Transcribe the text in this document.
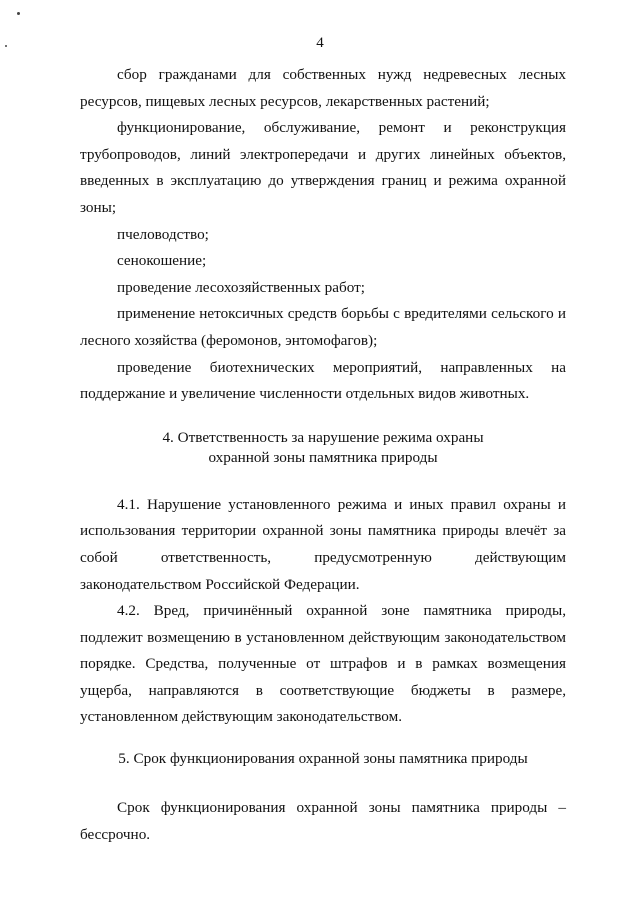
4

сбор гражданами для собственных нужд недревесных лесных ресурсов, пищевых лесных ресурсов, лекарственных растений;

функционирование, обслуживание, ремонт и реконструкция трубопроводов, линий электропередачи и других линейных объектов, введенных в эксплуатацию до утверждения границ и режима охранной зоны;

пчеловодство;

сенокошение;

проведение лесохозяйственных работ;

применение нетоксичных средств борьбы с вредителями сельского и лесного хозяйства (феромонов, энтомофагов);

проведение биотехнических мероприятий, направленных на поддержание и увеличение численности отдельных видов животных.

4. Ответственность за нарушение режима охраны
охранной зоны памятника природы

4.1. Нарушение установленного режима и иных правил охраны и использования территории охранной зоны памятника природы влечёт за собой ответственность, предусмотренную действующим законодательством Российской Федерации.

4.2. Вред, причинённый охранной зоне памятника природы, подлежит возмещению в установленном действующим законодательством порядке. Средства, полученные от штрафов и в рамках возмещения ущерба, направляются в соответствующие бюджеты в размере, установленном действующим законодательством.

5. Срок функционирования охранной зоны памятника природы

Срок функционирования охранной зоны памятника природы – бессрочно.
